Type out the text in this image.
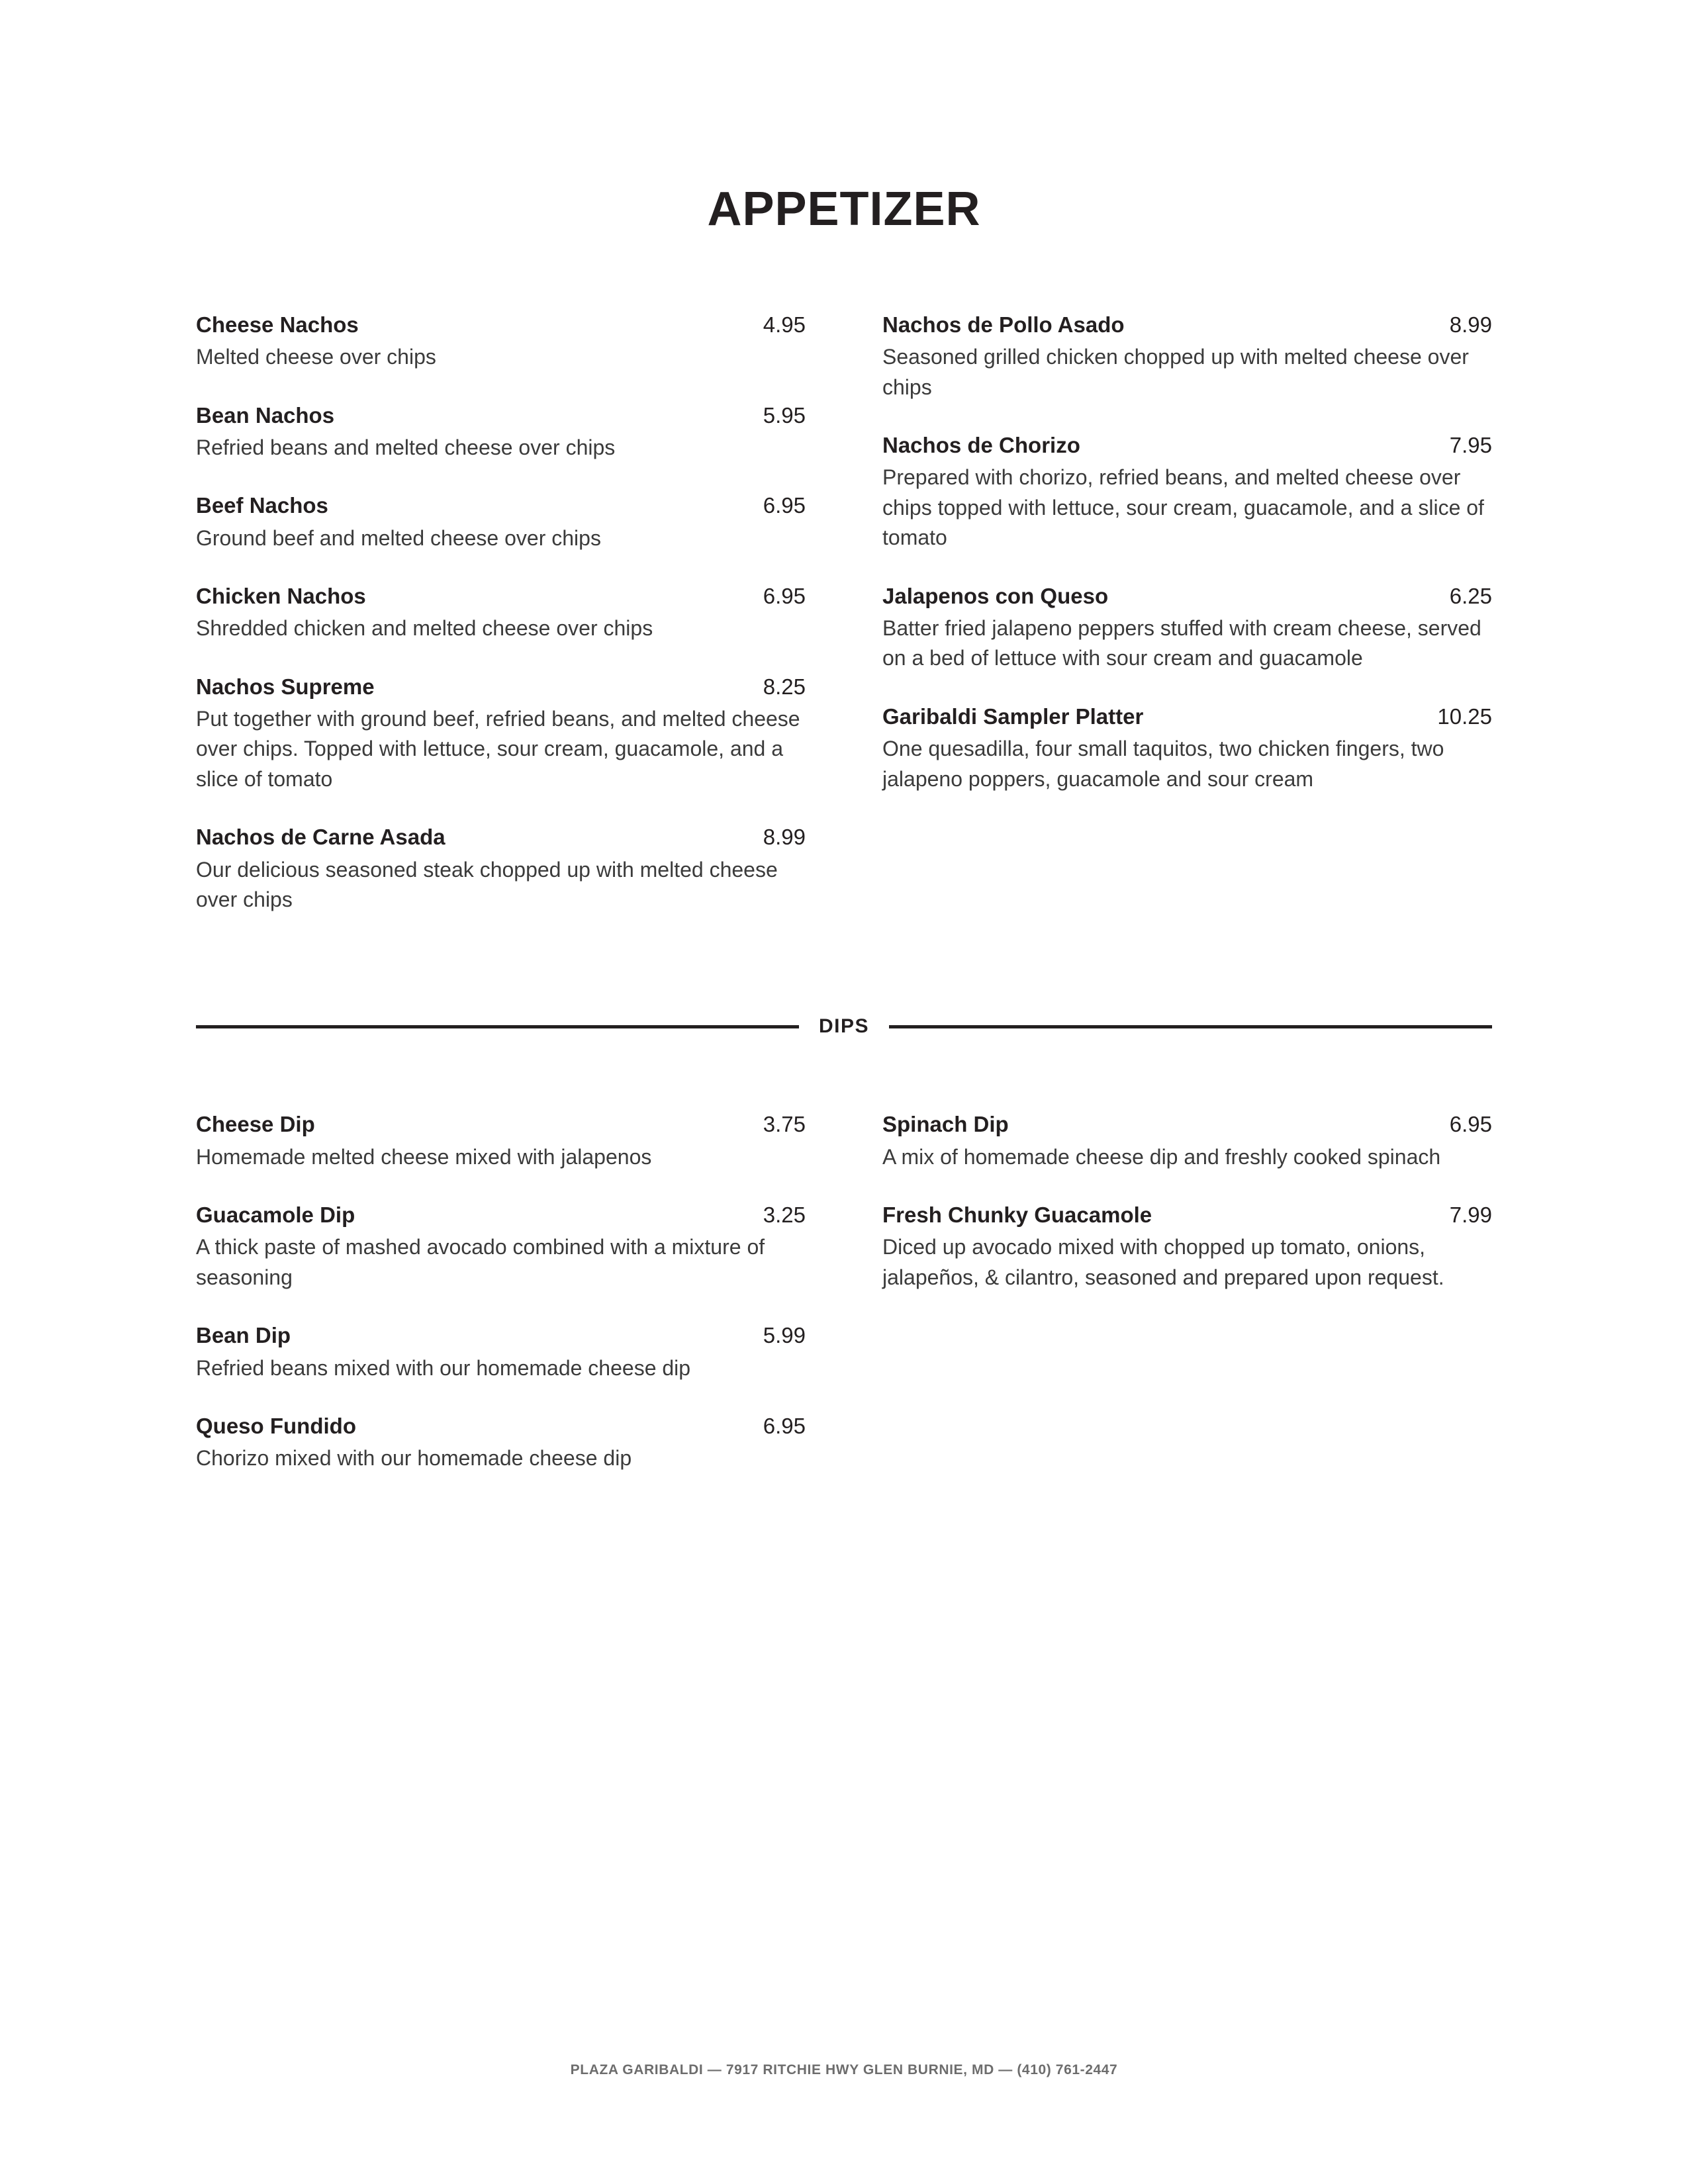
APPETIZER
Cheese Nachos	4.95
Melted cheese over chips
Bean Nachos	5.95
Refried beans and melted cheese over chips
Beef Nachos	6.95
Ground beef and melted cheese over chips
Chicken Nachos	6.95
Shredded chicken and melted cheese over chips
Nachos Supreme	8.25
Put together with ground beef, refried beans, and melted cheese over chips. Topped with lettuce, sour cream, guacamole, and a slice of tomato
Nachos de Carne Asada	8.99
Our delicious seasoned steak chopped up with melted cheese over chips
Nachos de Pollo Asado	8.99
Seasoned grilled chicken chopped up with melted cheese over chips
Nachos de Chorizo	7.95
Prepared with chorizo, refried beans, and melted cheese over chips topped with lettuce, sour cream, guacamole, and a slice of tomato
Jalapenos con Queso	6.25
Batter fried jalapeno peppers stuffed with cream cheese, served on a bed of lettuce with sour cream and guacamole
Garibaldi Sampler Platter	10.25
One quesadilla, four small taquitos, two chicken fingers, two jalapeno poppers, guacamole and sour cream
DIPS
Cheese Dip	3.75
Homemade melted cheese mixed with jalapenos
Guacamole Dip	3.25
A thick paste of mashed avocado combined with a mixture of seasoning
Bean Dip	5.99
Refried beans mixed with our homemade cheese dip
Queso Fundido	6.95
Chorizo mixed with our homemade cheese dip
Spinach Dip	6.95
A mix of homemade cheese dip and freshly cooked spinach
Fresh Chunky Guacamole	7.99
Diced up avocado mixed with chopped up tomato, onions, jalapeños, & cilantro, seasoned and prepared upon request.
PLAZA GARIBALDI — 7917 RITCHIE HWY GLEN BURNIE, MD — (410) 761-2447
